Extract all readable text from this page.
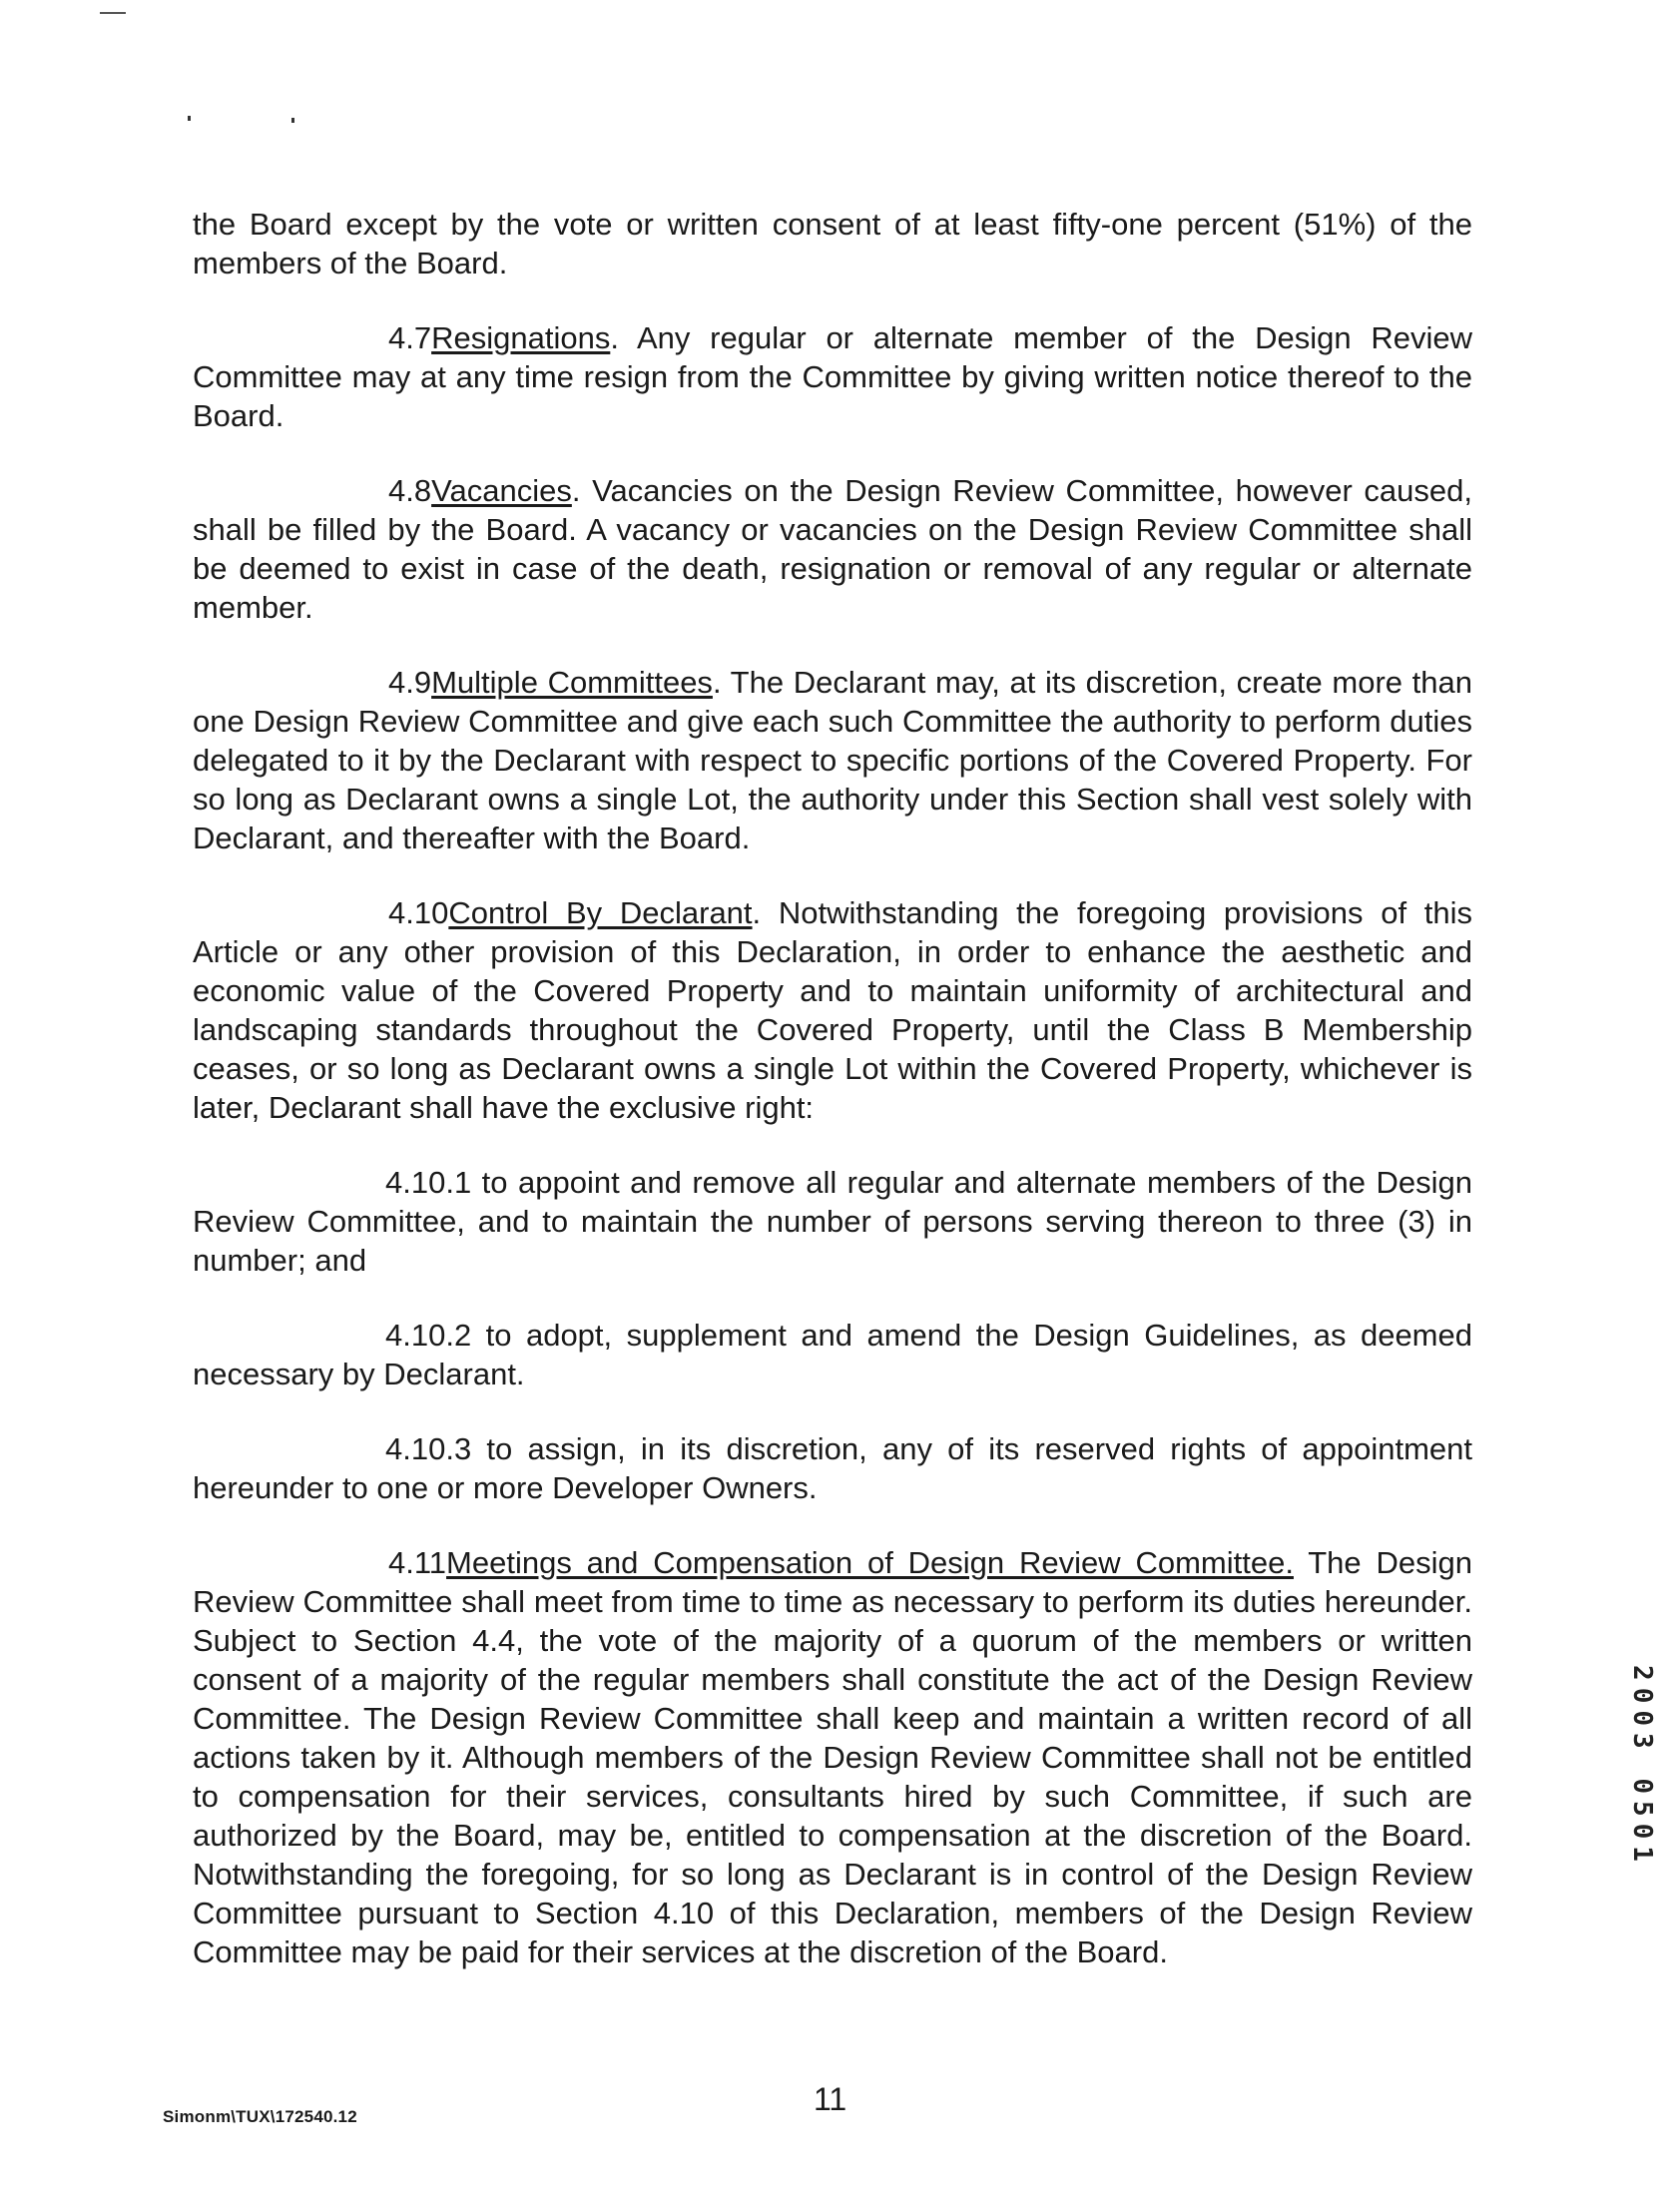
the Board except by the vote or written consent of at least fifty-one percent (51%) of the members of the Board.

4.7Resignations. Any regular or alternate member of the Design Review Committee may at any time resign from the Committee by giving written notice thereof to the Board.

4.8Vacancies. Vacancies on the Design Review Committee, however caused, shall be filled by the Board. A vacancy or vacancies on the Design Review Committee shall be deemed to exist in case of the death, resignation or removal of any regular or alternate member.

4.9Multiple Committees. The Declarant may, at its discretion, create more than one Design Review Committee and give each such Committee the authority to perform duties delegated to it by the Declarant with respect to specific portions of the Covered Property. For so long as Declarant owns a single Lot, the authority under this Section shall vest solely with Declarant, and thereafter with the Board.

4.10Control By Declarant. Notwithstanding the foregoing provisions of this Article or any other provision of this Declaration, in order to enhance the aesthetic and economic value of the Covered Property and to maintain uniformity of architectural and landscaping standards throughout the Covered Property, until the Class B Membership ceases, or so long as Declarant owns a single Lot within the Covered Property, whichever is later, Declarant shall have the exclusive right:

4.10.1 to appoint and remove all regular and alternate members of the Design Review Committee, and to maintain the number of persons serving thereon to three (3) in number; and

4.10.2 to adopt, supplement and amend the Design Guidelines, as deemed necessary by Declarant.

4.10.3 to assign, in its discretion, any of its reserved rights of appointment hereunder to one or more Developer Owners.

4.11Meetings and Compensation of Design Review Committee. The Design Review Committee shall meet from time to time as necessary to perform its duties hereunder. Subject to Section 4.4, the vote of the majority of a quorum of the members or written consent of a majority of the regular members shall constitute the act of the Design Review Committee. The Design Review Committee shall keep and maintain a written record of all actions taken by it. Although members of the Design Review Committee shall not be entitled to compensation for their services, consultants hired by such Committee, if such are authorized by the Board, may be, entitled to compensation at the discretion of the Board. Notwithstanding the foregoing, for so long as Declarant is in control of the Design Review Committee pursuant to Section 4.10 of this Declaration, members of the Design Review Committee may be paid for their services at the discretion of the Board.

2003 0501
Simonm\TUX\172540.12	11
